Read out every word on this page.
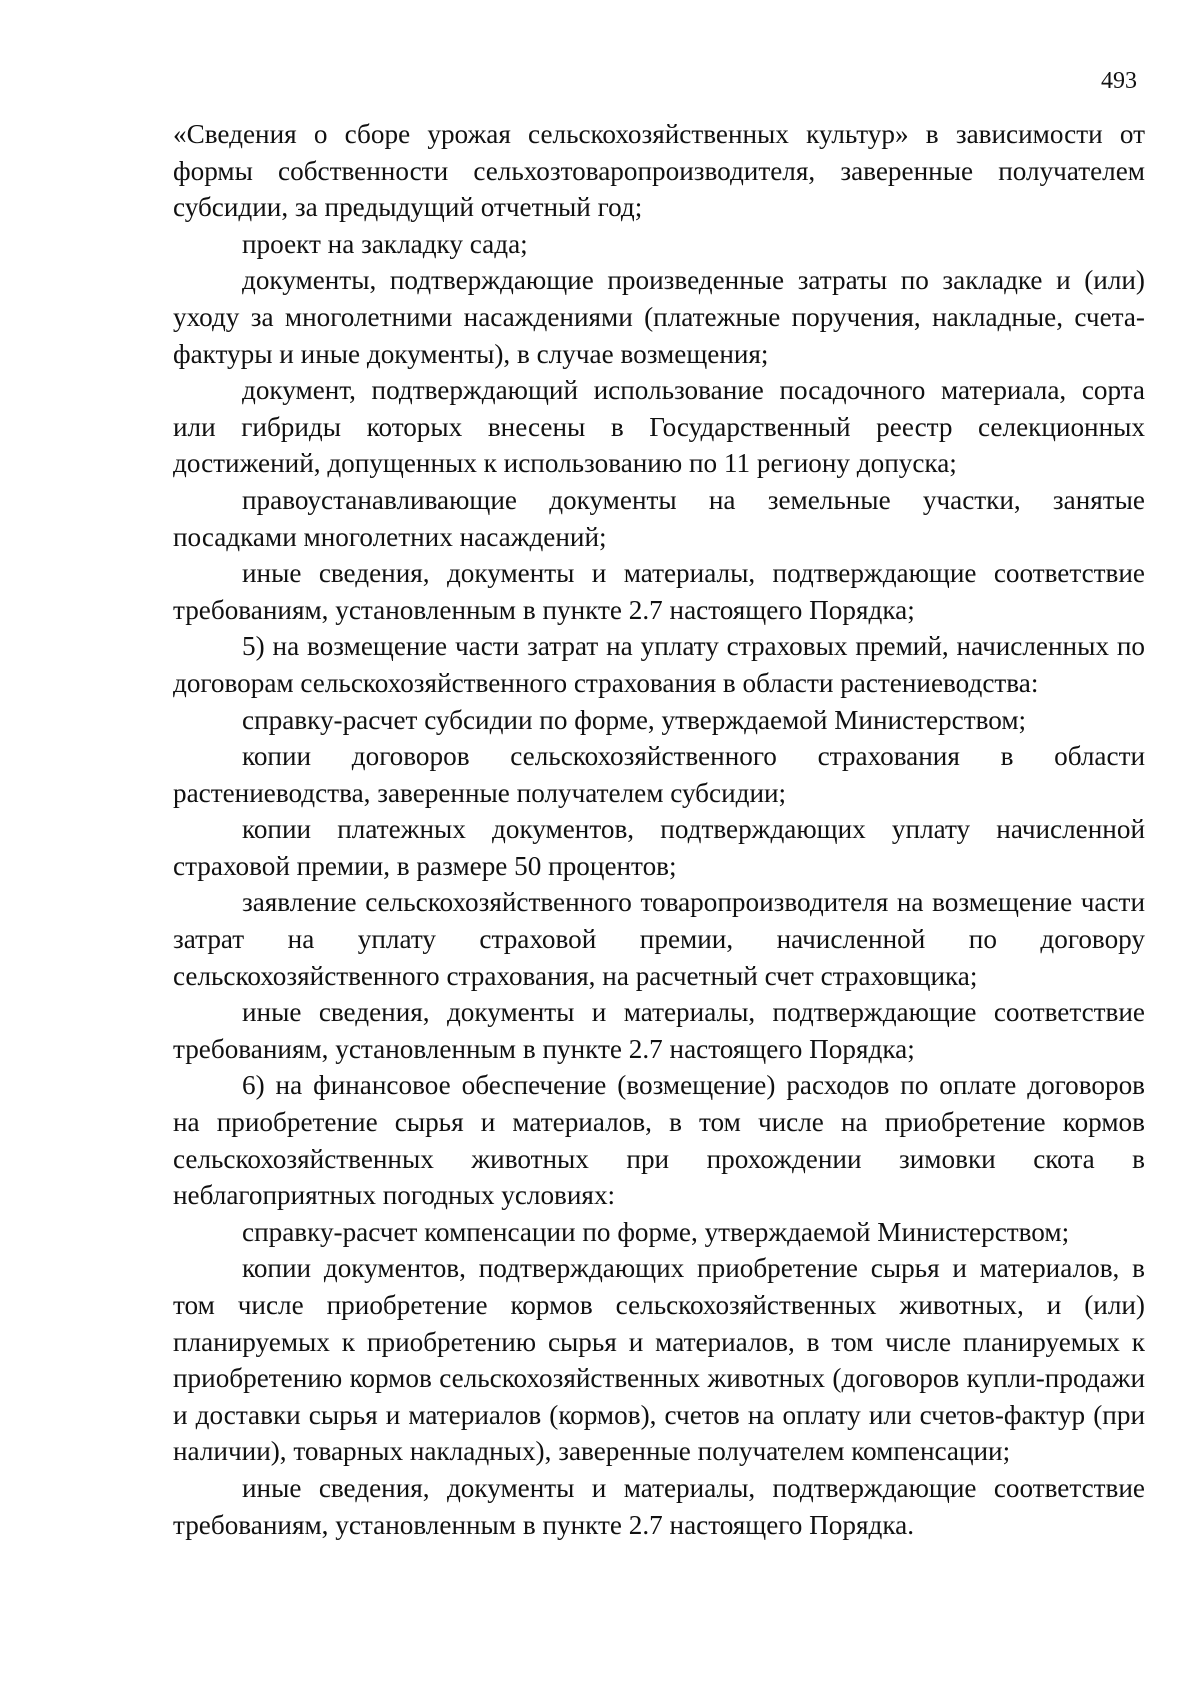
493

«Сведения о сборе урожая сельскохозяйственных культур» в зависимости от формы собственности сельхозтоваропроизводителя, заверенные получателем субсидии, за предыдущий отчетный год;

проект на закладку сада;

документы, подтверждающие произведенные затраты по закладке и (или) уходу за многолетними насаждениями (платежные поручения, накладные, счета-фактуры и иные документы), в случае возмещения;

документ, подтверждающий использование посадочного материала, сорта или гибриды которых внесены в Государственный реестр селекционных достижений, допущенных к использованию по 11 региону допуска;

правоустанавливающие документы на земельные участки, занятые посадками многолетних насаждений;

иные сведения, документы и материалы, подтверждающие соответствие требованиям, установленным в пункте 2.7 настоящего Порядка;

5) на возмещение части затрат на уплату страховых премий, начисленных по договорам сельскохозяйственного страхования в области растениеводства:

справку-расчет субсидии по форме, утверждаемой Министерством;

копии договоров сельскохозяйственного страхования в области растениеводства, заверенные получателем субсидии;

копии платежных документов, подтверждающих уплату начисленной страховой премии, в размере 50 процентов;

заявление сельскохозяйственного товаропроизводителя на возмещение части затрат на уплату страховой премии, начисленной по договору сельскохозяйственного страхования, на расчетный счет страховщика;

иные сведения, документы и материалы, подтверждающие соответствие требованиям, установленным в пункте 2.7 настоящего Порядка;

6) на финансовое обеспечение (возмещение) расходов по оплате договоров на приобретение сырья и материалов, в том числе на приобретение кормов сельскохозяйственных животных при прохождении зимовки скота в неблагоприятных погодных условиях:

справку-расчет компенсации по форме, утверждаемой Министерством;

копии документов, подтверждающих приобретение сырья и материалов, в том числе приобретение кормов сельскохозяйственных животных, и (или) планируемых к приобретению сырья и материалов, в том числе планируемых к приобретению кормов сельскохозяйственных животных (договоров купли-продажи и доставки сырья и материалов (кормов), счетов на оплату или счетов-фактур (при наличии), товарных накладных), заверенные получателем компенсации;

иные сведения, документы и материалы, подтверждающие соответствие требованиям, установленным в пункте 2.7 настоящего Порядка.
